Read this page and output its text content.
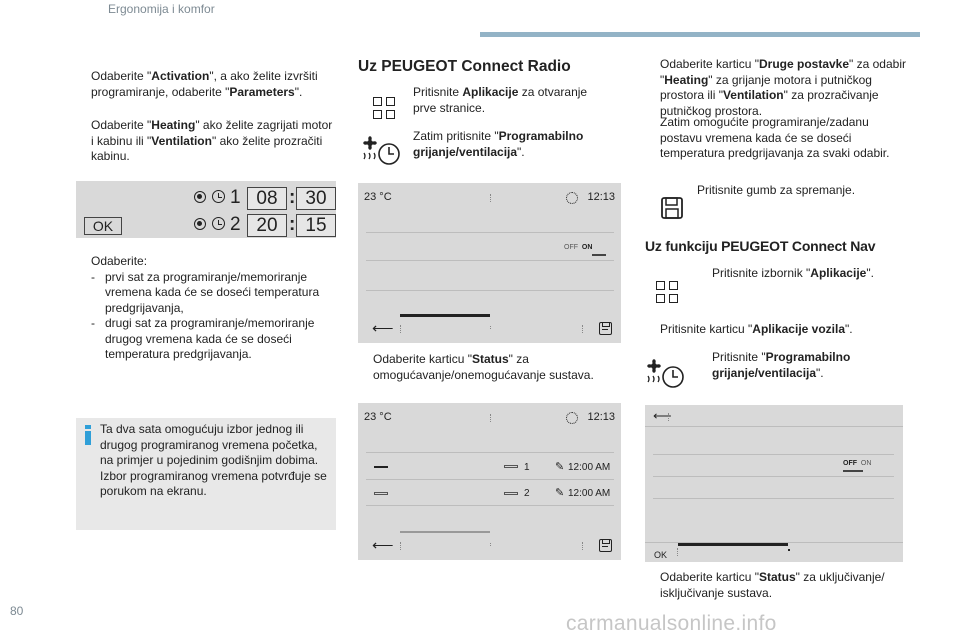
Ergonomija i komfor
Odaberite "Activation", a ako želite izvršiti programiranje, odaberite "Parameters".
Odaberite "Heating" ako želite zagrijati motor i kabinu ili "Ventilation" ako želite prozračiti kabinu.
OK
1 08 : 30
2 20 : 15
Odaberite:
- prvi sat za programiranje/memoriranje vremena kada će se doseći temperatura predgrijavanja,
- drugi sat za programiranje/memoriranje drugog vremena kada će se doseći temperatura predgrijavanja.
Ta dva sata omogućuju izbor jednog ili drugog programiranog vremena početka, na primjer u pojedinim godišnjim dobima. Izbor programiranog vremena potvrđuje se porukom na ekranu.
Uz PEUGEOT Connect Radio
Pritisnite Aplikacije za otvaranje prve stranice.
Zatim pritisnite "Programabilno grijanje/ventilacija".
23 °C	12:13
OFF ON
⟵
Odaberite karticu "Status" za omogućavanje/onemogućavanje sustava.
23 °C	12:13
1 ✎ 12:00 AM
2 ✎ 12:00 AM
⟵
Odaberite karticu "Druge postavke" za odabir "Heating" za grijanje motora i putničkog prostora ili "Ventilation" za prozračivanje putničkog prostora.
Zatim omogućite programiranje/zadanu postavu vremena kada će se doseći temperatura predgrijavanja za svaki odabir.
Pritisnite gumb za spremanje.
Uz funkciju PEUGEOT Connect Nav
Pritisnite izbornik "Aplikacije".
Pritisnite karticu "Aplikacije vozila".
Pritisnite "Programabilno grijanje/ventilacija".
⟵
OFF ON
OK
Odaberite karticu "Status" za uključivanje/ isključivanje sustava.
80
carmanualsonline.info
